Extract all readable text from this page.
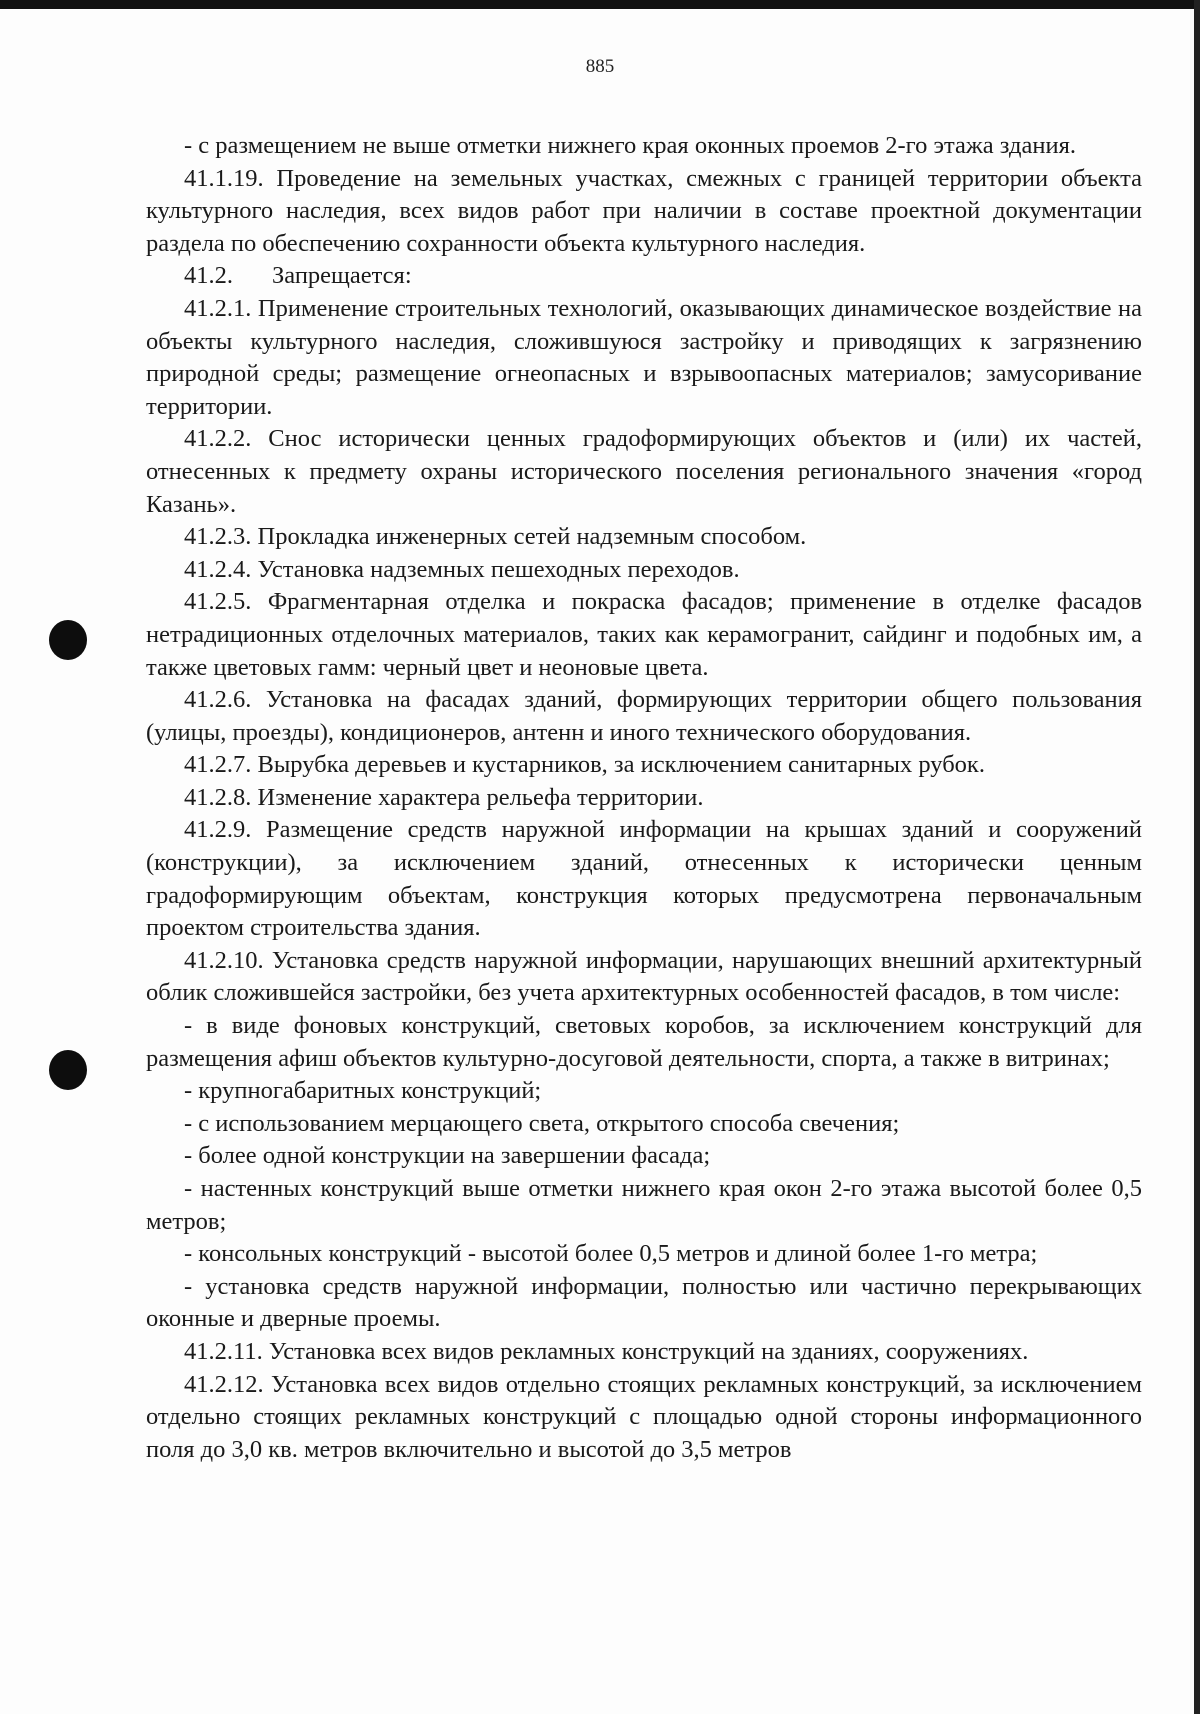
885

- с размещением не выше отметки нижнего края оконных проемов 2-го этажа здания.

41.1.19. Проведение на земельных участках, смежных с границей территории объекта культурного наследия, всех видов работ при наличии в составе проектной документации раздела по обеспечению сохранности объекта культурного наследия.

41.2. Запрещается:

41.2.1. Применение строительных технологий, оказывающих динамическое воздействие на объекты культурного наследия, сложившуюся застройку и приводящих к загрязнению природной среды; размещение огнеопасных и взрывоопасных материалов; замусоривание территории.

41.2.2. Снос исторически ценных градоформирующих объектов и (или) их частей, отнесенных к предмету охраны исторического поселения регионального значения «город Казань».

41.2.3. Прокладка инженерных сетей надземным способом.

41.2.4. Установка надземных пешеходных переходов.

41.2.5. Фрагментарная отделка и покраска фасадов; применение в отделке фасадов нетрадиционных отделочных материалов, таких как керамогранит, сайдинг и подобных им, а также цветовых гамм: черный цвет и неоновые цвета.

41.2.6. Установка на фасадах зданий, формирующих территории общего пользования (улицы, проезды), кондиционеров, антенн и иного технического оборудования.

41.2.7. Вырубка деревьев и кустарников, за исключением санитарных рубок.

41.2.8. Изменение характера рельефа территории.

41.2.9. Размещение средств наружной информации на крышах зданий и сооружений (конструкции), за исключением зданий, отнесенных к исторически ценным градоформирующим объектам, конструкция которых предусмотрена первоначальным проектом строительства здания.

41.2.10. Установка средств наружной информации, нарушающих внешний архитектурный облик сложившейся застройки, без учета архитектурных особенностей фасадов, в том числе:

- в виде фоновых конструкций, световых коробов, за исключением конструкций для размещения афиш объектов культурно-досуговой деятельности, спорта, а также в витринах;

- крупногабаритных конструкций;

- с использованием мерцающего света, открытого способа свечения;

- более одной конструкции на завершении фасада;

- настенных конструкций выше отметки нижнего края окон 2-го этажа высотой более 0,5 метров;

- консольных конструкций - высотой более 0,5 метров и длиной более 1-го метра;

- установка средств наружной информации, полностью или частично перекрывающих оконные и дверные проемы.

41.2.11. Установка всех видов рекламных конструкций на зданиях, сооружениях.

41.2.12. Установка всех видов отдельно стоящих рекламных конструкций, за исключением отдельно стоящих рекламных конструкций с площадью одной стороны информационного поля до 3,0 кв. метров включительно и высотой до 3,5 метров
